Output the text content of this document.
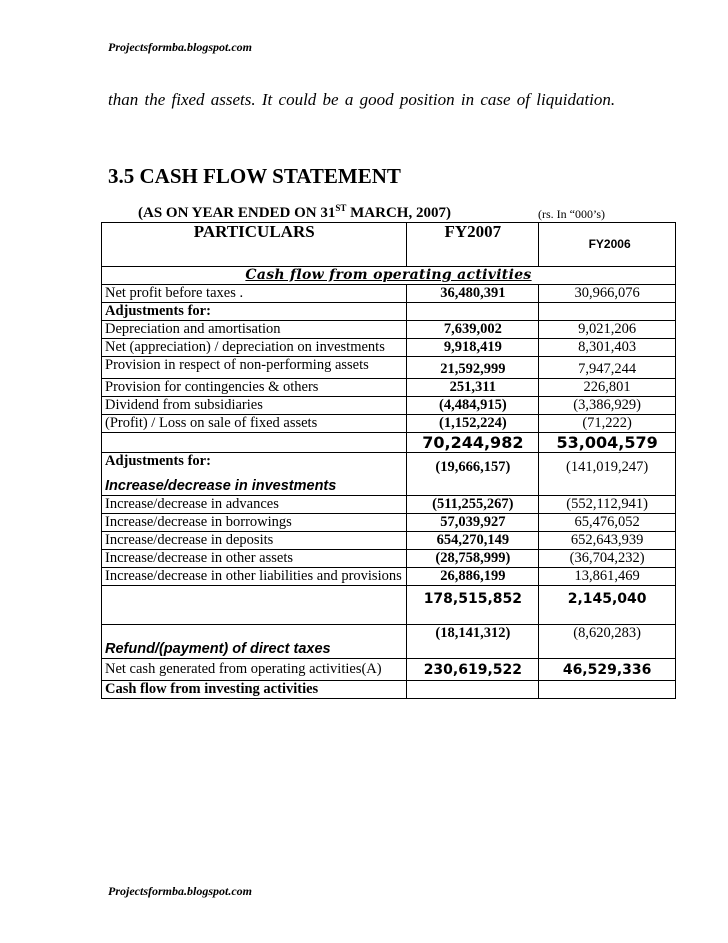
Projectsformba.blogspot.com
than the fixed assets. It could be a good position in case of liquidation.
3.5 CASH FLOW STATEMENT
(AS ON YEAR ENDED ON 31ST MARCH, 2007)	(rs. In “000’s)
PARTICULARS	FY2007	FY2006
Cash flow from operating activities		
Net profit before taxes .	36,480,391	30,966,076
Adjustments for:		
Depreciation and amortisation	7,639,002	9,021,206
Net (appreciation) / depreciation on investments	9,918,419	8,301,403
Provision in respect of non-performing assets	21,592,999	7,947,244
Provision for contingencies & others	251,311	226,801
Dividend from subsidiaries	(4,484,915)	(3,386,929)
(Profit) / Loss on sale of fixed assets	(1,152,224)	(71,222)
	70,244,982	53,004,579
Adjustments for:	(19,666,157)	(141,019,247)
Increase/decrease in investments		
Increase/decrease in advances	(511,255,267)	(552,112,941)
Increase/decrease in borrowings	57,039,927	65,476,052
Increase/decrease in deposits	654,270,149	652,643,939
Increase/decrease in other assets	(28,758,999)	(36,704,232)
Increase/decrease in other liabilities and provisions	26,886,199	13,861,469
	178,515,852	2,145,040
Refund/(payment) of direct taxes	(18,141,312)	(8,620,283)
Net cash generated from operating activities(A)	230,619,522	46,529,336
Cash flow from investing activities		
Projectsformba.blogspot.com
